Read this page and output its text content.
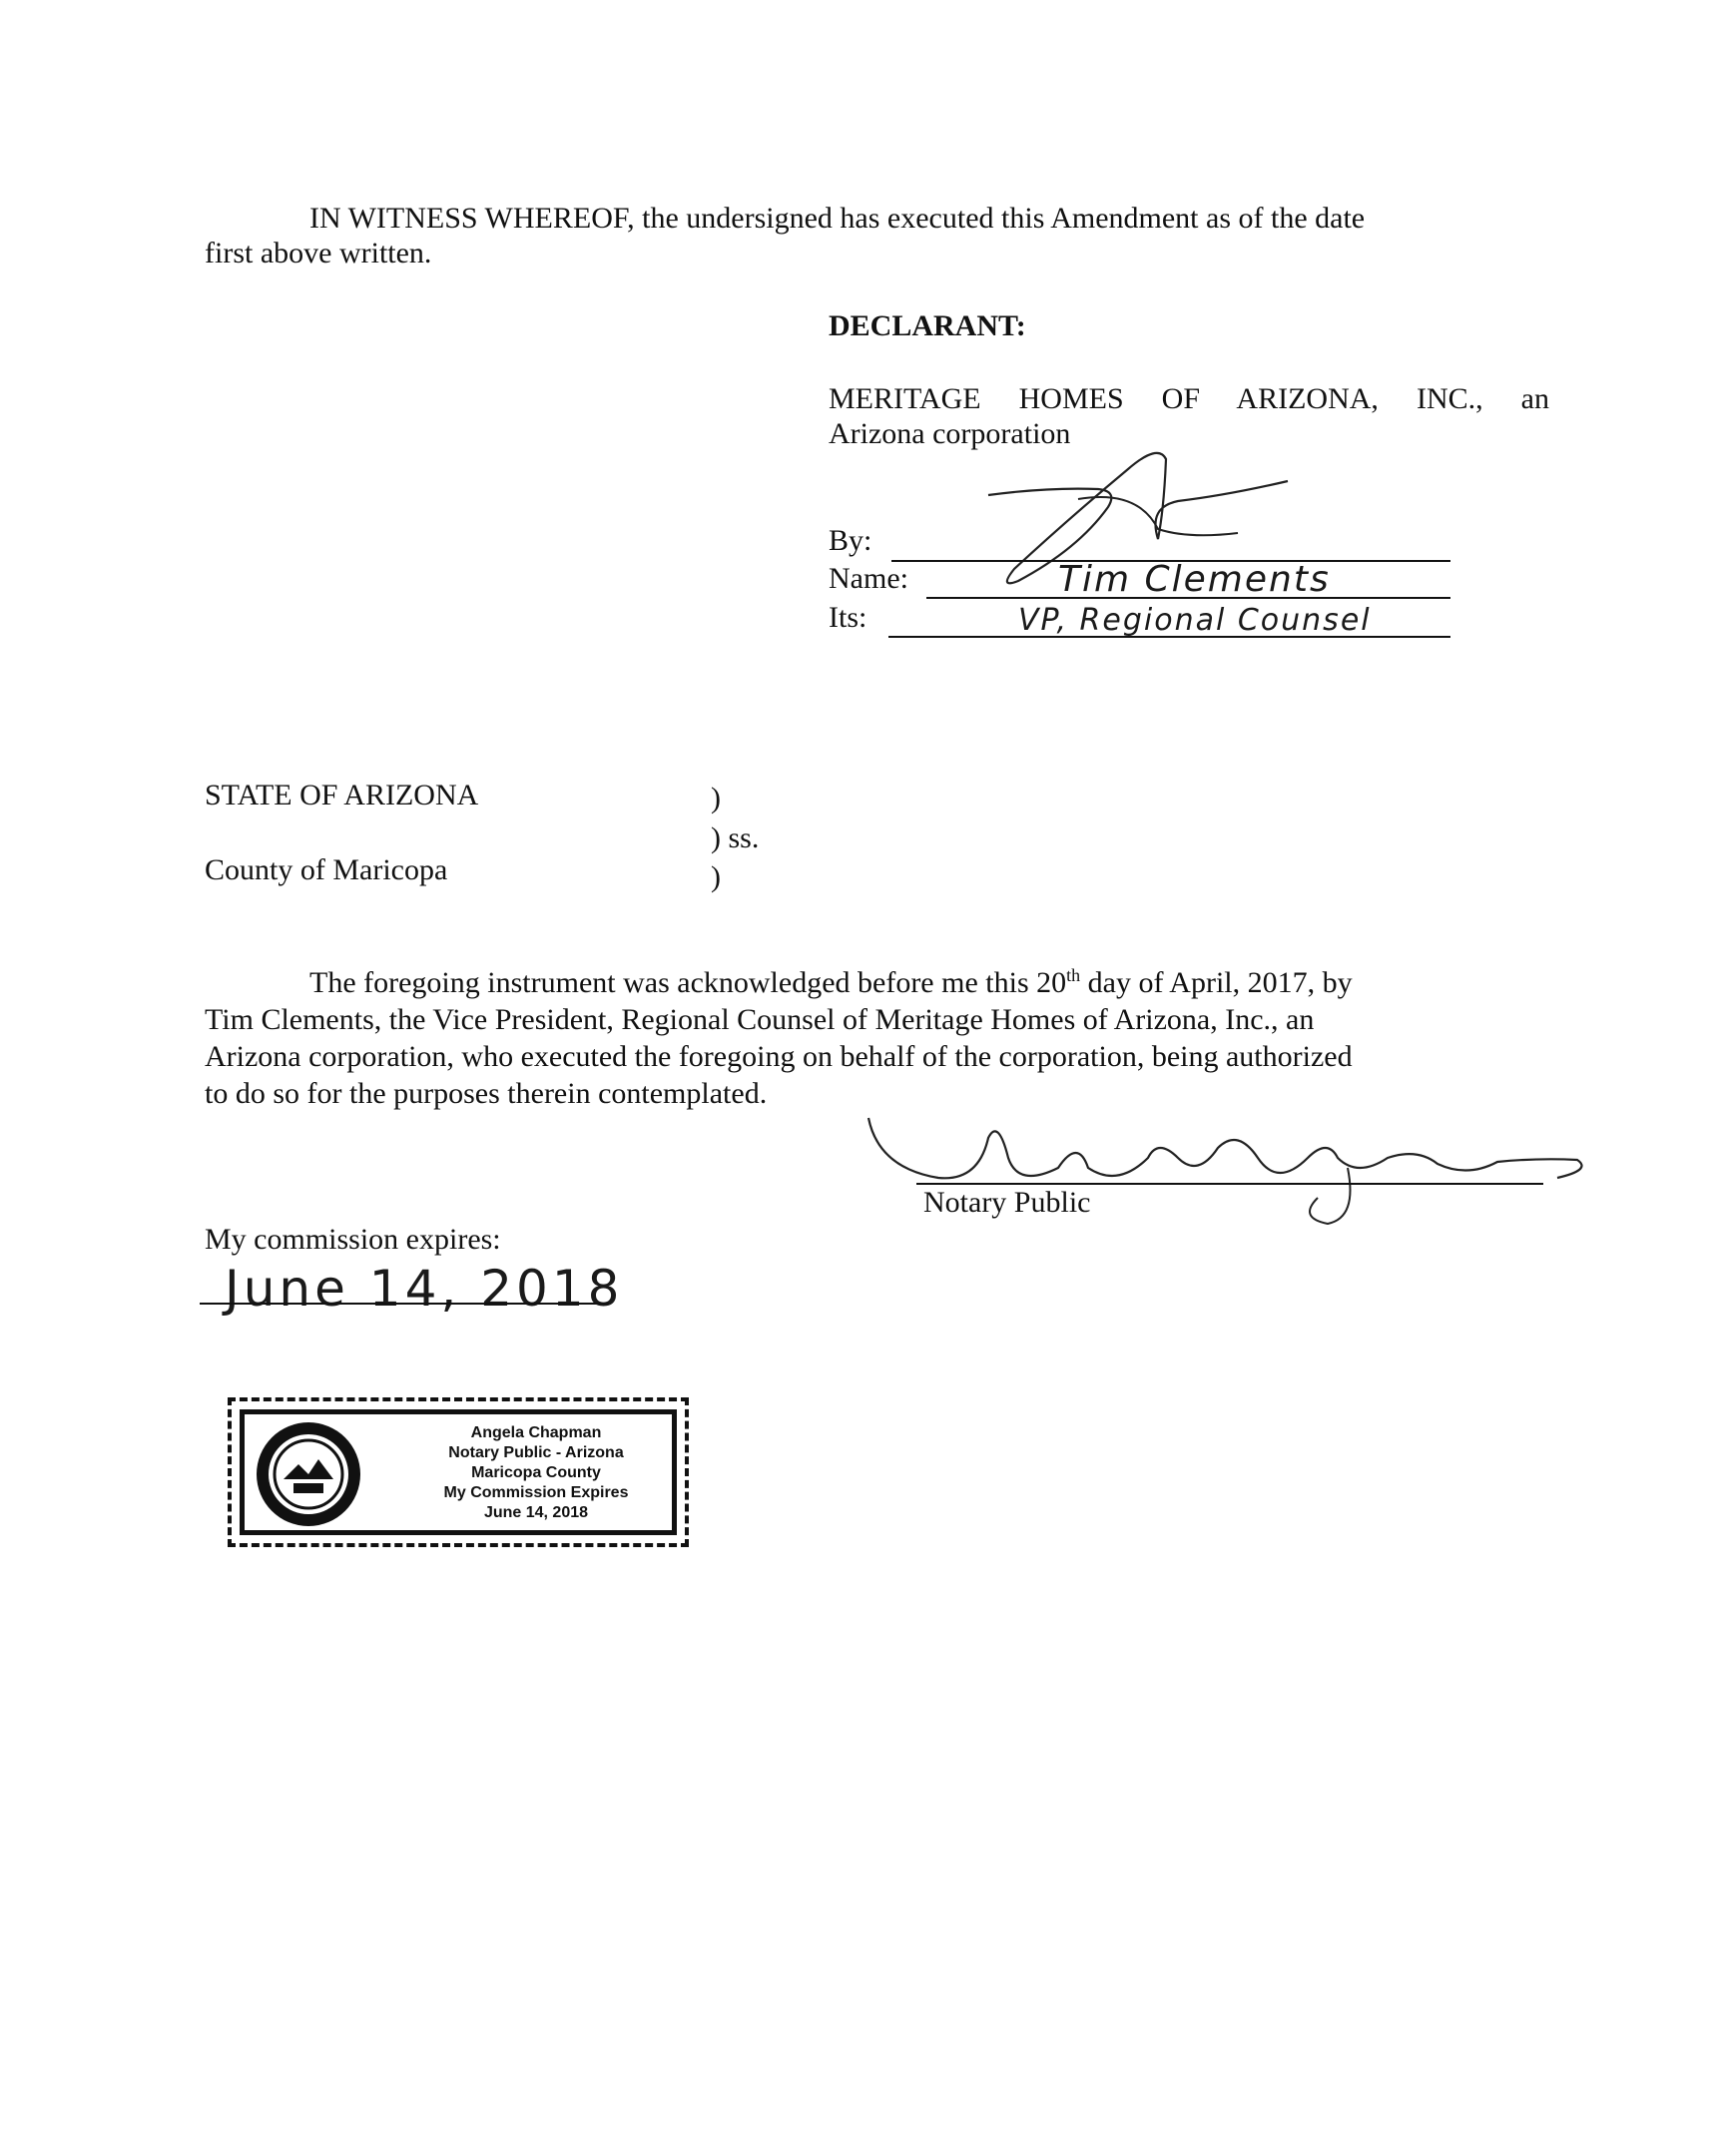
IN WITNESS WHEREOF, the undersigned has executed this Amendment as of the date
first above written.
DECLARANT:
MERITAGE HOMES OF ARIZONA, INC., an
Arizona corporation
By:
Name:	Tim Clements
Its:	VP, Regional Counsel
STATE OF ARIZONA
County of Maricopa
)
) ss.
)
The foregoing instrument was acknowledged before me this 20th day of April, 2017, by
Tim Clements, the Vice President, Regional Counsel of Meritage Homes of Arizona, Inc., an
Arizona corporation, who executed the foregoing on behalf of the corporation, being authorized
to do so for the purposes therein contemplated.
Notary Public
My commission expires:
June 14, 2018
Angela Chapman
Notary Public - Arizona
Maricopa County
My Commission Expires
June 14, 2018
